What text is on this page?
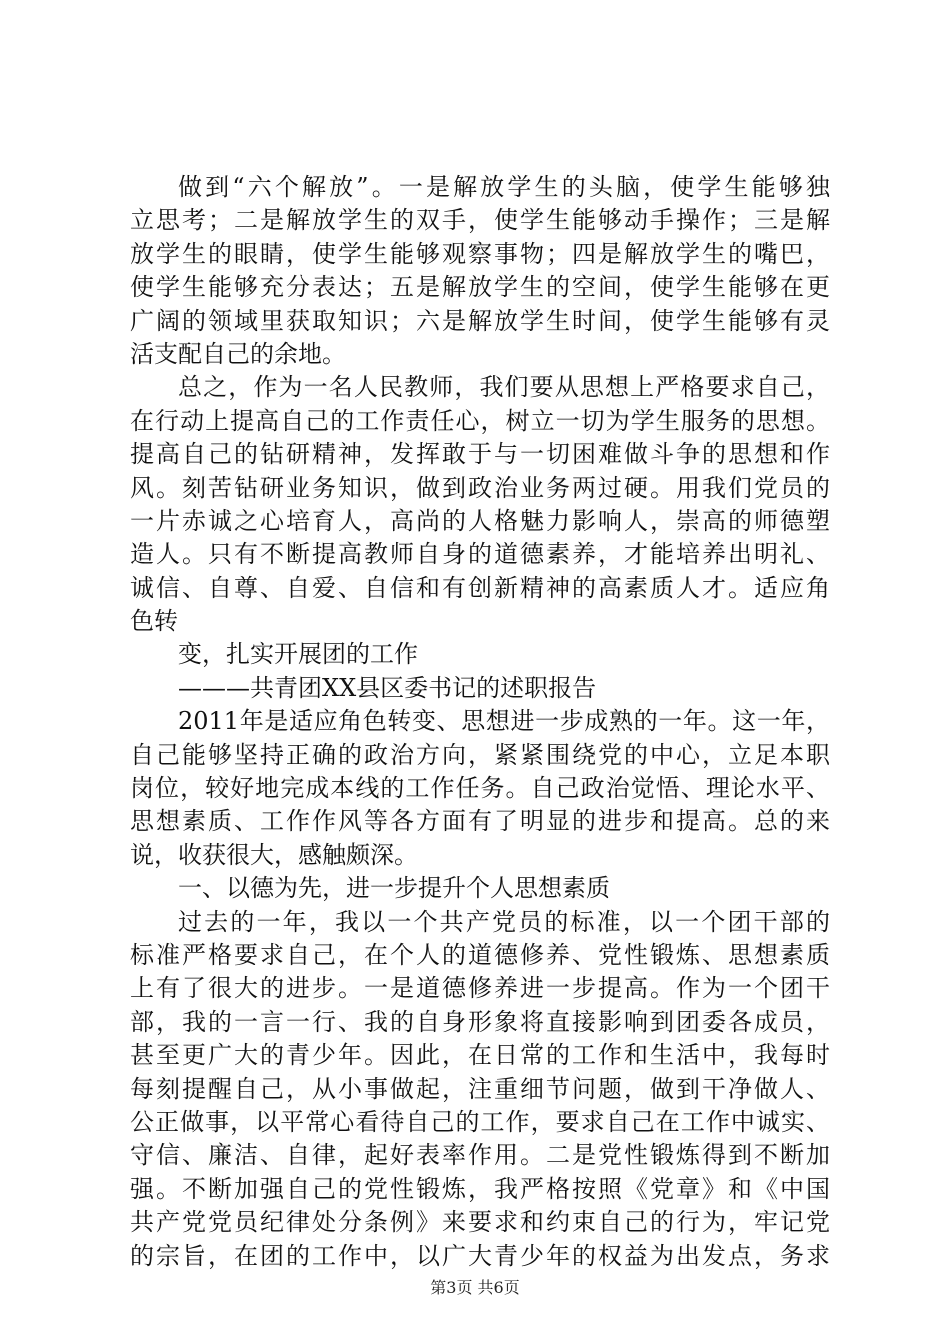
做到“六个解放”。一是解放学生的头脑，使学生能够独
立思考；二是解放学生的双手，使学生能够动手操作；三是解
放学生的眼睛，使学生能够观察事物；四是解放学生的嘴巴，
使学生能够充分表达；五是解放学生的空间，使学生能够在更
广阔的领域里获取知识；六是解放学生时间，使学生能够有灵
活支配自己的余地。
总之，作为一名人民教师，我们要从思想上严格要求自己，
在行动上提高自己的工作责任心，树立一切为学生服务的思想。
提高自己的钻研精神，发挥敢于与一切困难做斗争的思想和作
风。刻苦钻研业务知识，做到政治业务两过硬。用我们党员的
一片赤诚之心培育人，高尚的人格魅力影响人，崇高的师德塑
造人。只有不断提高教师自身的道德素养，才能培养出明礼、
诚信、自尊、自爱、自信和有创新精神的高素质人才。适应角
色转
变，扎实开展团的工作
———共青团XX县区委书记的述职报告
2011年是适应角色转变、思想进一步成熟的一年。这一年，
自己能够坚持正确的政治方向，紧紧围绕党的中心，立足本职
岗位，较好地完成本线的工作任务。自己政治觉悟、理论水平、
思想素质、工作作风等各方面有了明显的进步和提高。总的来
说，收获很大，感触颇深。
一、以德为先，进一步提升个人思想素质
过去的一年，我以一个共产党员的标准，以一个团干部的
标准严格要求自己，在个人的道德修养、党性锻炼、思想素质
上有了很大的进步。一是道德修养进一步提高。作为一个团干
部，我的一言一行、我的自身形象将直接影响到团委各成员，
甚至更广大的青少年。因此，在日常的工作和生活中，我每时
每刻提醒自己，从小事做起，注重细节问题，做到干净做人、
公正做事，以平常心看待自己的工作，要求自己在工作中诚实、
守信、廉洁、自律，起好表率作用。二是党性锻炼得到不断加
强。不断加强自己的党性锻炼，我严格按照《党章》和《中国
共产党党员纪律处分条例》来要求和约束自己的行为，牢记党
的宗旨，在团的工作中，以广大青少年的权益为出发点，务求
第3页 共6页
